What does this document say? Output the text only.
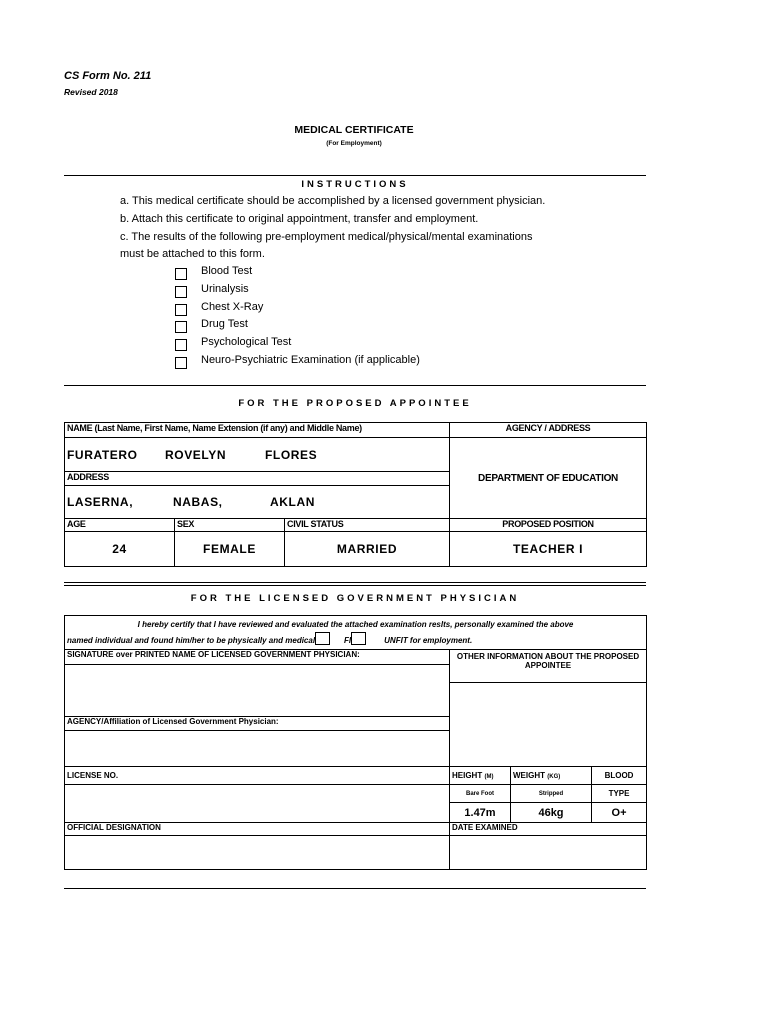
CS Form No. 211
Revised 2018
MEDICAL CERTIFICATE
(For Employment)
INSTRUCTIONS
a. This medical certificate should be accomplished by a licensed government physician.
b. Attach this certificate to original appointment, transfer and employment.
c. The results of the following pre-employment medical/physical/mental examinations
must be attached to this form.
Blood Test
Urinalysis
Chest X-Ray
Drug Test
Psychological Test
Neuro-Psychiatric Examination (if applicable)
FOR THE PROPOSED APPOINTEE
NAME (Last Name, First Name, Name Extension (if any) and Middle Name)			AGENCY / ADDRESS
FURATERO ROVELYN FLORES			DEPARTMENT OF EDUCATION
ADDRESS			
LASERNA, NABAS, AKLAN			
AGE	SEX	CIVIL STATUS	PROPOSED POSITION
24	FEMALE	MARRIED	TEACHER I
FOR THE LICENSED GOVERNMENT PHYSICIAN
I hereby certify that I have reviewed and evaluated the attached examination reslts, personally examined the above
named individual and found him/her to be physically and medical FI UNFIT for employment.			

SIGNATURE over PRINTED NAME OF LICENSED GOVERNMENT PHYSICIAN:	OTHER INFORMATION ABOUT THE PROPOSED APPOINTEE		

AGENCY/Affiliation of Licensed Government Physician:			

LICENSE NO.	HEIGHT (M)	WEIGHT (KG)	BLOOD
	Bare Foot	Stripped	TYPE
	1.47m	46kg	O+
OFFICIAL DESIGNATION	DATE EXAMINED		
